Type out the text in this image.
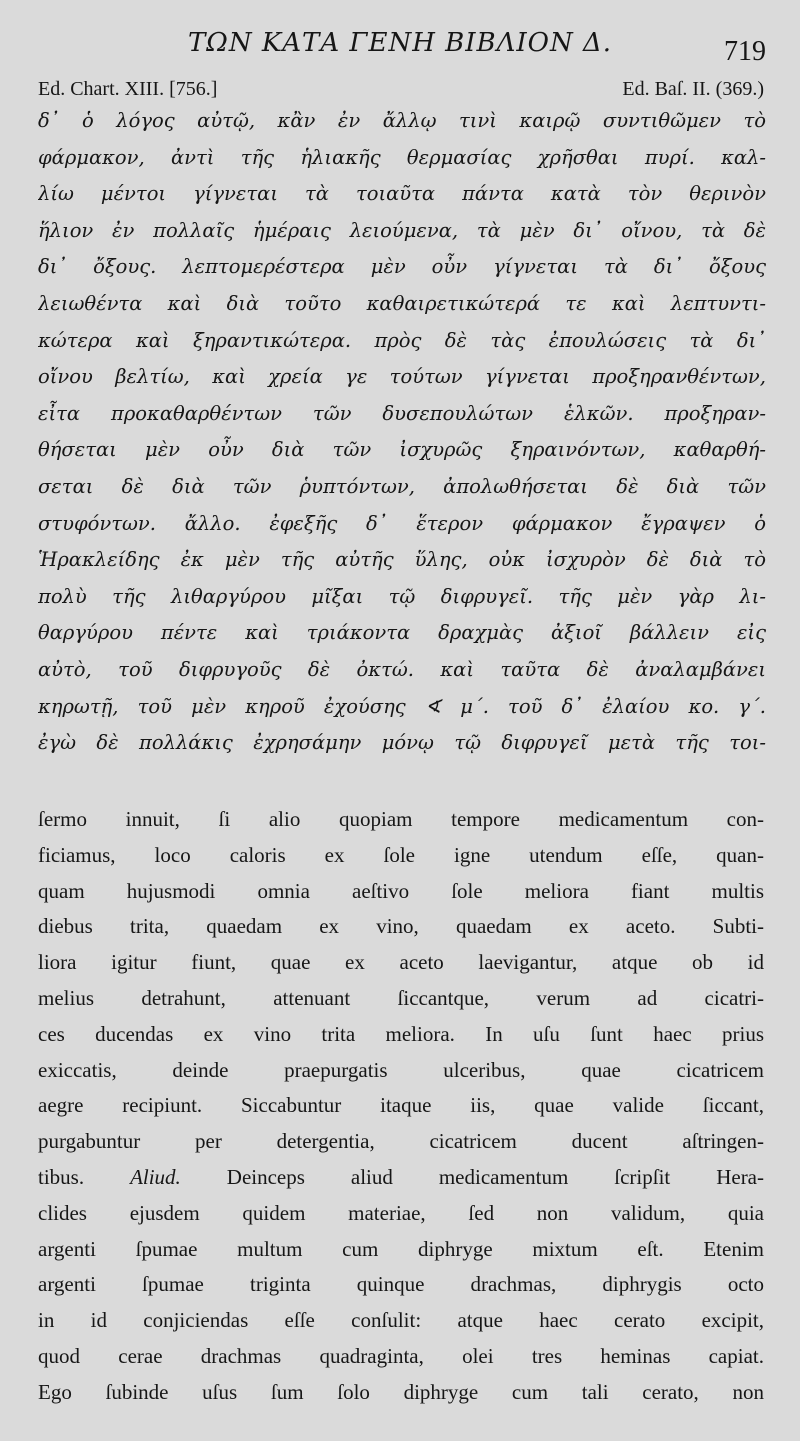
ΤΩΝ ΚΑΤΑ ΓΕΝΗ ΒΙΒΛΙΟΝ Δ.	719
Ed. Chart. XIII. [756.]	Ed. Baſ. II. (369.)
δ᾽ ὁ λόγος αὐτῷ, κἂν ἐν ἄλλῳ τινὶ καιρῷ συντιθῶμεν τὸ
φάρμακον, ἀντὶ τῆς ἡλιακῆς θερμασίας χρῆσθαι πυρί. καλ-
λίω μέντοι γίγνεται τὰ τοιαῦτα πάντα κατὰ τὸν θερινὸν
ἥλιον ἐν πολλαῖς ἡμέραις λειούμενα, τὰ μὲν δι᾽ οἴνου, τὰ δὲ
δι᾽ ὄξους. λεπτομερέστερα μὲν οὖν γίγνεται τὰ δι᾽ ὄξους
λειωθέντα καὶ διὰ τοῦτο καθαιρετικώτερά τε καὶ λεπτυντι-
κώτερα καὶ ξηραντικώτερα. πρὸς δὲ τὰς ἐπουλώσεις τὰ δι᾽
οἴνου βελτίω, καὶ χρεία γε τούτων γίγνεται προξηρανθέντων,
εἶτα προκαθαρθέντων τῶν δυσεπουλώτων ἑλκῶν. προξηραν-
θήσεται μὲν οὖν διὰ τῶν ἰσχυρῶς ξηραινόντων, καθαρθή-
σεται δὲ διὰ τῶν ῥυπτόντων, ἀπολωθήσεται δὲ διὰ τῶν
στυφόντων. ἄλλο. ἐφεξῆς δ᾽ ἕτερον φάρμακον ἔγραψεν ὁ
Ἡρακλείδης ἐκ μὲν τῆς αὐτῆς ὕλης, οὐκ ἰσχυρὸν δὲ διὰ τὸ
πολὺ τῆς λιθαργύρου μῖξαι τῷ διφρυγεῖ. τῆς μὲν γὰρ λι-
θαργύρου πέντε καὶ τριάκοντα δραχμὰς ἀξιοῖ βάλλειν εἰς
αὐτὸ, τοῦ διφρυγοῦς δὲ ὀκτώ. καὶ ταῦτα δὲ ἀναλαμβάνει
κηρωτῇ, τοῦ μὲν κηροῦ ἐχούσης ∢ μ΄. τοῦ δ᾽ ἐλαίου κο. γ΄.
ἐγὼ δὲ πολλάκις ἐχρησάμην μόνῳ τῷ διφρυγεῖ μετὰ τῆς τοι-
ſermo innuit, ſi alio quopiam tempore medicamentum con-
ficiamus, loco caloris ex ſole igne utendum eſſe, quan-
quam hujusmodi omnia aeſtivo ſole meliora fiant multis
diebus trita, quaedam ex vino, quaedam ex aceto. Subti-
liora igitur fiunt, quae ex aceto laevigantur, atque ob id
melius detrahunt, attenuant ſiccantque, verum ad cicatri-
ces ducendas ex vino trita meliora. In uſu ſunt haec prius
exiccatis, deinde praepurgatis ulceribus, quae cicatricem
aegre recipiunt. Siccabuntur itaque iis, quae valide ſiccant,
purgabuntur per detergentia, cicatricem ducent aſtringen-
tibus. Aliud. Deinceps aliud medicamentum ſcripſit Hera-
clides ejusdem quidem materiae, ſed non validum, quia
argenti ſpumae multum cum diphryge mixtum eſt. Etenim
argenti ſpumae triginta quinque drachmas, diphrygis octo
in id conjiciendas eſſe conſulit: atque haec cerato excipit,
quod cerae drachmas quadraginta, olei tres heminas capiat.
Ego ſubinde uſus ſum ſolo diphryge cum tali cerato, non
